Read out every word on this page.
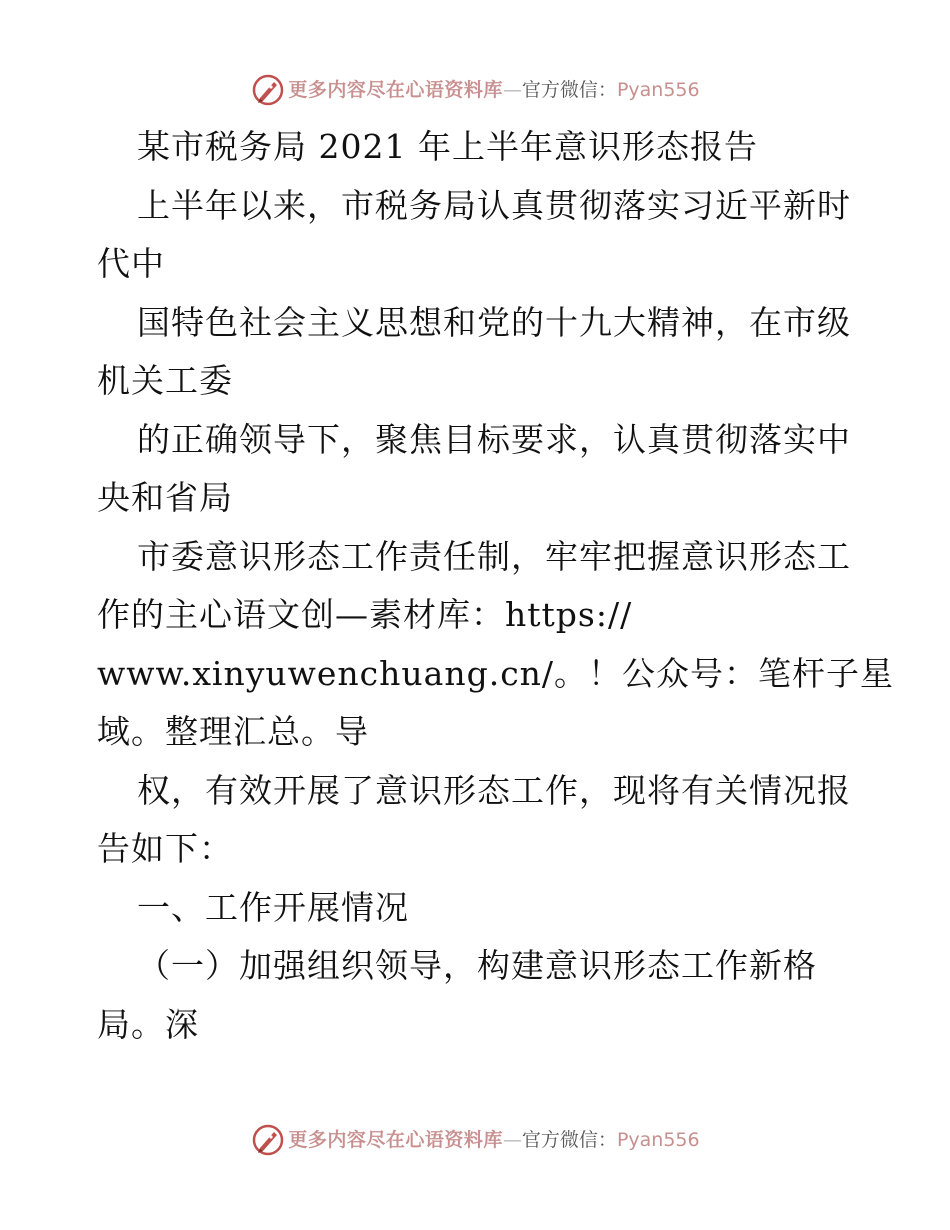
更多内容尽在心语资料库—官方微信：Pyan556
某市税务局 2021 年上半年意识形态报告
上半年以来，市税务局认真贯彻落实习近平新时
代中
国特色社会主义思想和党的十九大精神，在市级
机关工委
的正确领导下，聚焦目标要求，认真贯彻落实中
央和省局
市委意识形态工作责任制，牢牢把握意识形态工
作的主心语文创—素材库：https://
www.xinyuwenchuang.cn/。！公众号：笔杆子星
域。整理汇总。导
权，有效开展了意识形态工作，现将有关情况报
告如下：
一、工作开展情况
（一）加强组织领导，构建意识形态工作新格
局。深
更多内容尽在心语资料库—官方微信：Pyan556
